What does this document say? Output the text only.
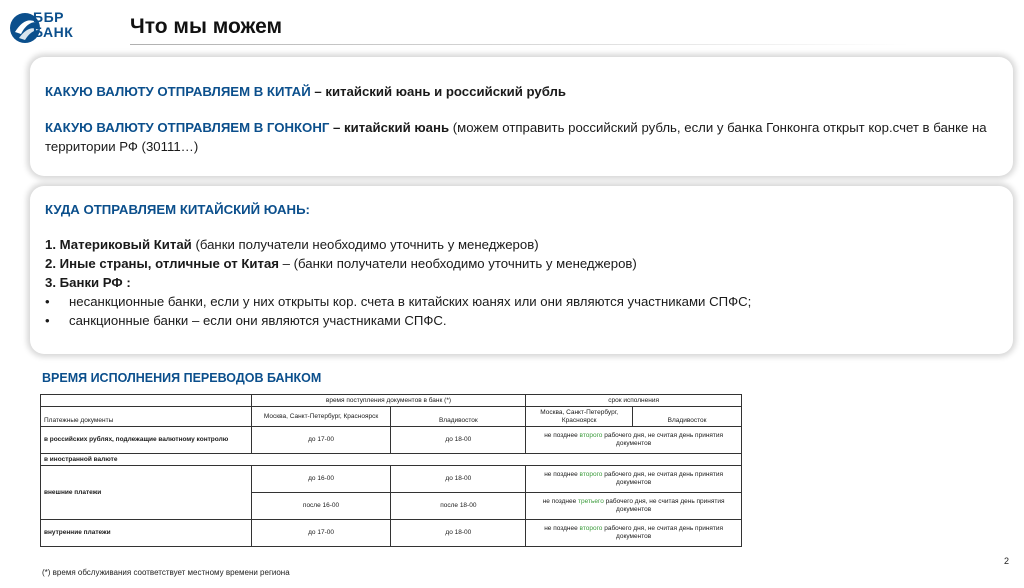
ББР
БАНК	Что мы можем

КАКУЮ ВАЛЮТУ ОТПРАВЛЯЕМ В КИТАЙ – китайский юань и российский рубль

КАКУЮ ВАЛЮТУ ОТПРАВЛЯЕМ В ГОНКОНГ – китайский юань (можем отправить российский рубль, если у банка Гонконга открыт кор.счет в банке на территории РФ (30111…)

КУДА ОТПРАВЛЯЕМ КИТАЙСКИЙ ЮАНЬ:

1. Материковый Китай (банки получатели необходимо уточнить у менеджеров)

2. Иные страны, отличные от Китая – (банки получатели необходимо уточнить у менеджеров)

3. Банки РФ :

•	несанкционные банки, если у них открыты кор. счета в китайских юанях или они являются участниками СПФС;

•	санкционные банки – если они являются участниками СПФС.

ВРЕМЯ ИСПОЛНЕНИЯ ПЕРЕВОДОВ БАНКОМ
	время поступления документов в банк (*)		срок исполнения	
Платежные документы	Москва, Санкт-Петербург, Красноярск	Владивосток	Москва, Санкт-Петербург, Красноярск	Владивосток
в российских рублях, подлежащие валютному контролю	до 17-00	до 18-00	не позднее второго рабочего дня, не считая день принятия документов	
в иностранной валюте				
внешние платежи	до 16-00	до 18-00	не позднее второго рабочего дня, не считая день принятия документов	
	после 16-00	после 18-00	не позднее третьего рабочего дня, не считая день принятия документов	
внутренние платежи	до 17-00	до 18-00	не позднее второго рабочего дня, не считая день принятия документов	
(*) время обслуживания соответствует местному времени региона
2
